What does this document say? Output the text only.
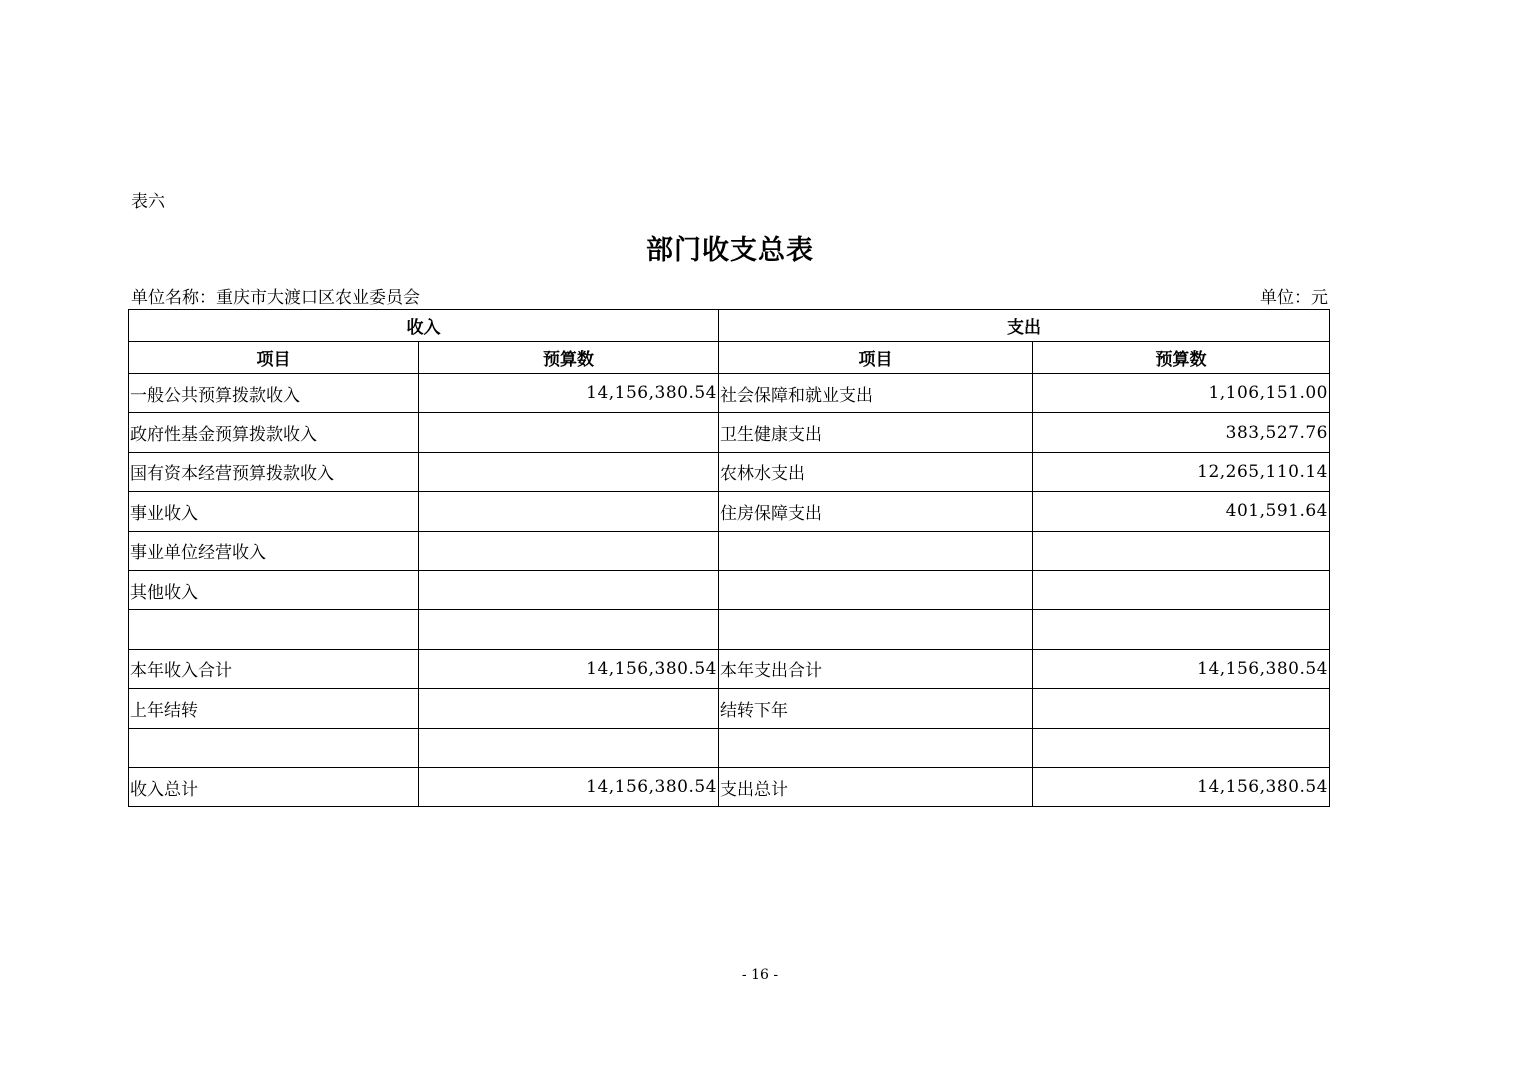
表六
部门收支总表
单位名称：重庆市大渡口区农业委员会	单位：元
收入		支出	
项目	预算数	项目	预算数
一般公共预算拨款收入	14,156,380.54	社会保障和就业支出	1,106,151.00
政府性基金预算拨款收入		卫生健康支出	383,527.76
国有资本经营预算拨款收入		农林水支出	12,265,110.14
事业收入		住房保障支出	401,591.64
事业单位经营收入			
其他收入			

本年收入合计	14,156,380.54	本年支出合计	14,156,380.54
上年结转		结转下年	

收入总计	14,156,380.54	支出总计	14,156,380.54
- 16 -
